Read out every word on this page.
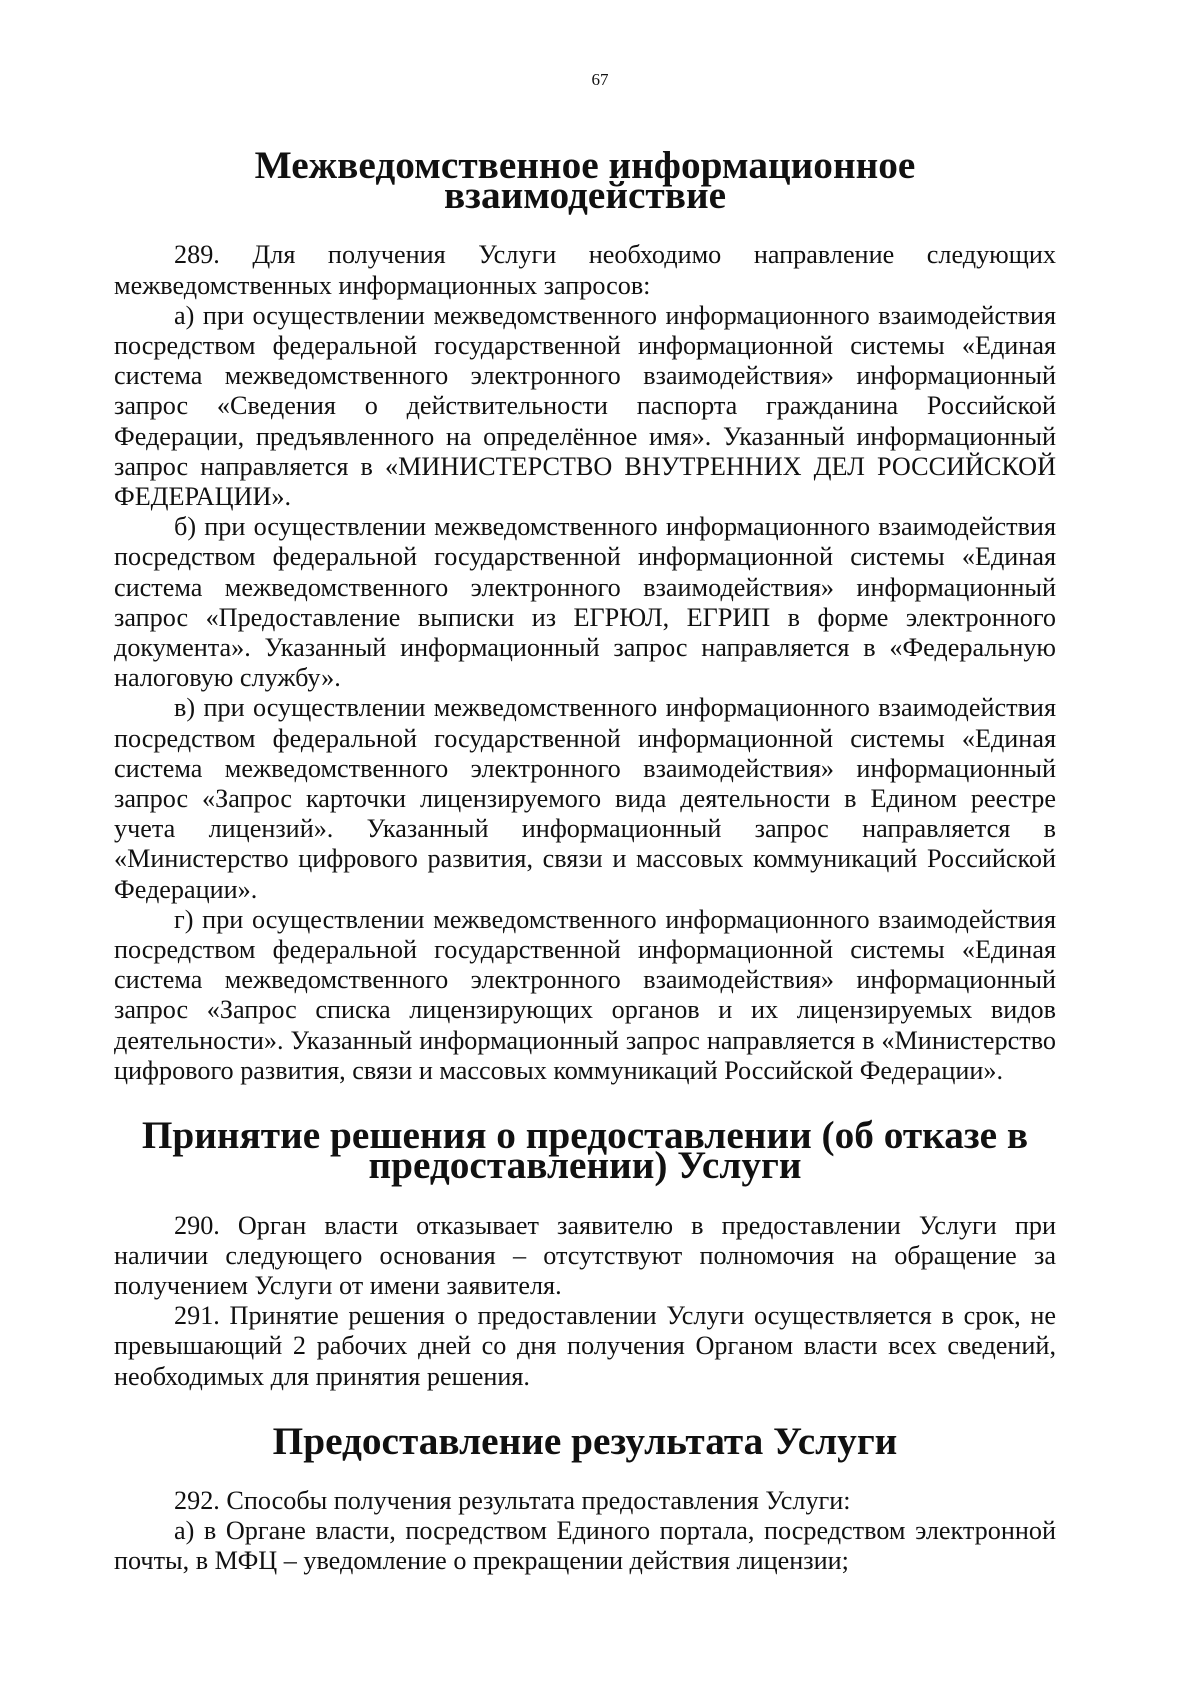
67
Межведомственное информационное взаимодействие

289. Для получения Услуги необходимо направление следующих межведомственных информационных запросов:

а) при осуществлении межведомственного информационного взаимодействия посредством федеральной государственной информационной системы «Единая система межведомственного электронного взаимодействия» информационный запрос «Сведения о действительности паспорта гражданина Российской Федерации, предъявленного на определённое имя». Указанный информационный запрос направляется в «МИНИСТЕРСТВО ВНУТРЕННИХ ДЕЛ РОССИЙСКОЙ ФЕДЕРАЦИИ».

б) при осуществлении межведомственного информационного взаимодействия посредством федеральной государственной информационной системы «Единая система межведомственного электронного взаимодействия» информационный запрос «Предоставление выписки из ЕГРЮЛ, ЕГРИП в форме электронного документа». Указанный информационный запрос направляется в «Федеральную налоговую службу».

в) при осуществлении межведомственного информационного взаимодействия посредством федеральной государственной информационной системы «Единая система межведомственного электронного взаимодействия» информационный запрос «Запрос карточки лицензируемого вида деятельности в Едином реестре учета лицензий». Указанный информационный запрос направляется в «Министерство цифрового развития, связи и массовых коммуникаций Российской Федерации».

г) при осуществлении межведомственного информационного взаимодействия посредством федеральной государственной информационной системы «Единая система межведомственного электронного взаимодействия» информационный запрос «Запрос списка лицензирующих органов и их лицензируемых видов деятельности». Указанный информационный запрос направляется в «Министерство цифрового развития, связи и массовых коммуникаций Российской Федерации».

Принятие решения о предоставлении (об отказе в предоставлении) Услуги

290. Орган власти отказывает заявителю в предоставлении Услуги при наличии следующего основания – отсутствуют полномочия на обращение за получением Услуги от имени заявителя.

291. Принятие решения о предоставлении Услуги осуществляется в срок, не превышающий 2 рабочих дней со дня получения Органом власти всех сведений, необходимых для принятия решения.

Предоставление результата Услуги

292. Способы получения результата предоставления Услуги:

а) в Органе власти, посредством Единого портала, посредством электронной почты, в МФЦ – уведомление о прекращении действия лицензии;
